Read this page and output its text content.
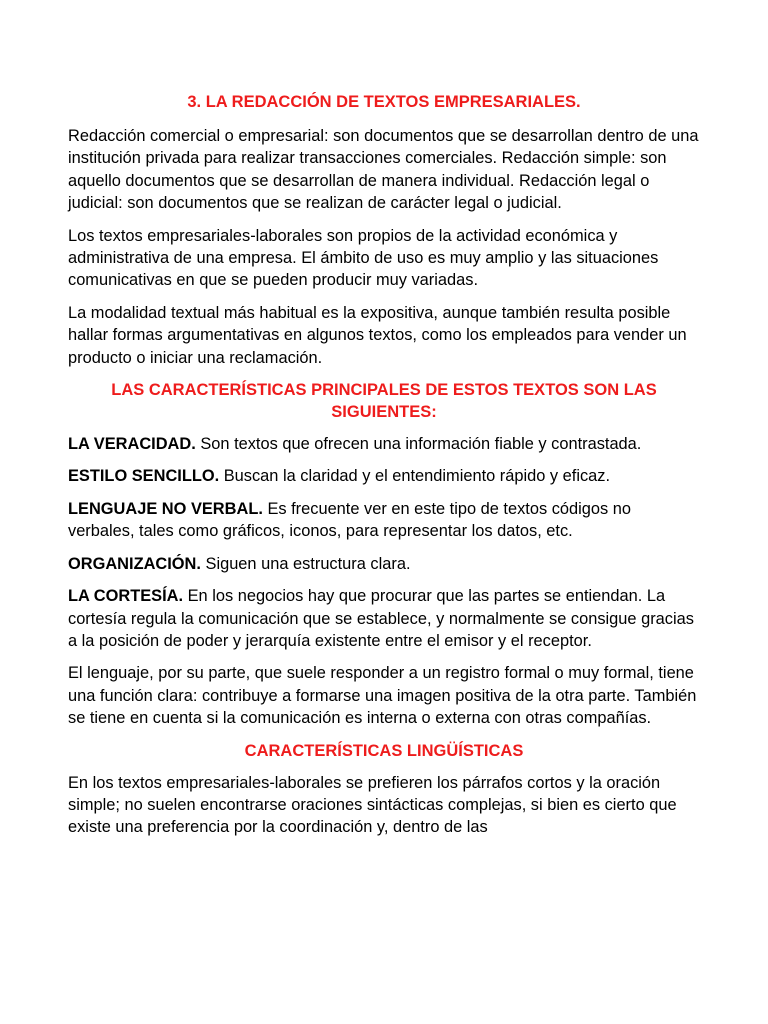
3. LA REDACCIÓN DE TEXTOS EMPRESARIALES.

Redacción comercial o empresarial: son documentos que se desarrollan dentro de una institución privada para realizar transacciones comerciales. Redacción simple: son aquello documentos que se desarrollan de manera individual. Redacción legal o judicial: son documentos que se realizan de carácter legal o judicial.

Los textos empresariales-laborales son propios de la actividad económica y administrativa de una empresa. El ámbito de uso es muy amplio y las situaciones comunicativas en que se pueden producir muy variadas.

La modalidad textual más habitual es la expositiva, aunque también resulta posible hallar formas argumentativas en algunos textos, como los empleados para vender un producto o iniciar una reclamación.

LAS CARACTERÍSTICAS PRINCIPALES DE ESTOS TEXTOS SON LAS SIGUIENTES:

LA VERACIDAD. Son textos que ofrecen una información fiable y contrastada.

ESTILO SENCILLO. Buscan la claridad y el entendimiento rápido y eficaz.

LENGUAJE NO VERBAL. Es frecuente ver en este tipo de textos códigos no verbales, tales como gráficos, iconos, para representar los datos, etc.

ORGANIZACIÓN. Siguen una estructura clara.

LA CORTESÍA. En los negocios hay que procurar que las partes se entiendan. La cortesía regula la comunicación que se establece, y normalmente se consigue gracias a la posición de poder y jerarquía existente entre el emisor y el receptor.

El lenguaje, por su parte, que suele responder a un registro formal o muy formal, tiene una función clara: contribuye a formarse una imagen positiva de la otra parte. También se tiene en cuenta si la comunicación es interna o externa con otras compañías.

CARACTERÍSTICAS LINGÜÍSTICAS

En los textos empresariales-laborales se prefieren los párrafos cortos y la oración simple; no suelen encontrarse oraciones sintácticas complejas, si bien es cierto que existe una preferencia por la coordinación y, dentro de las
